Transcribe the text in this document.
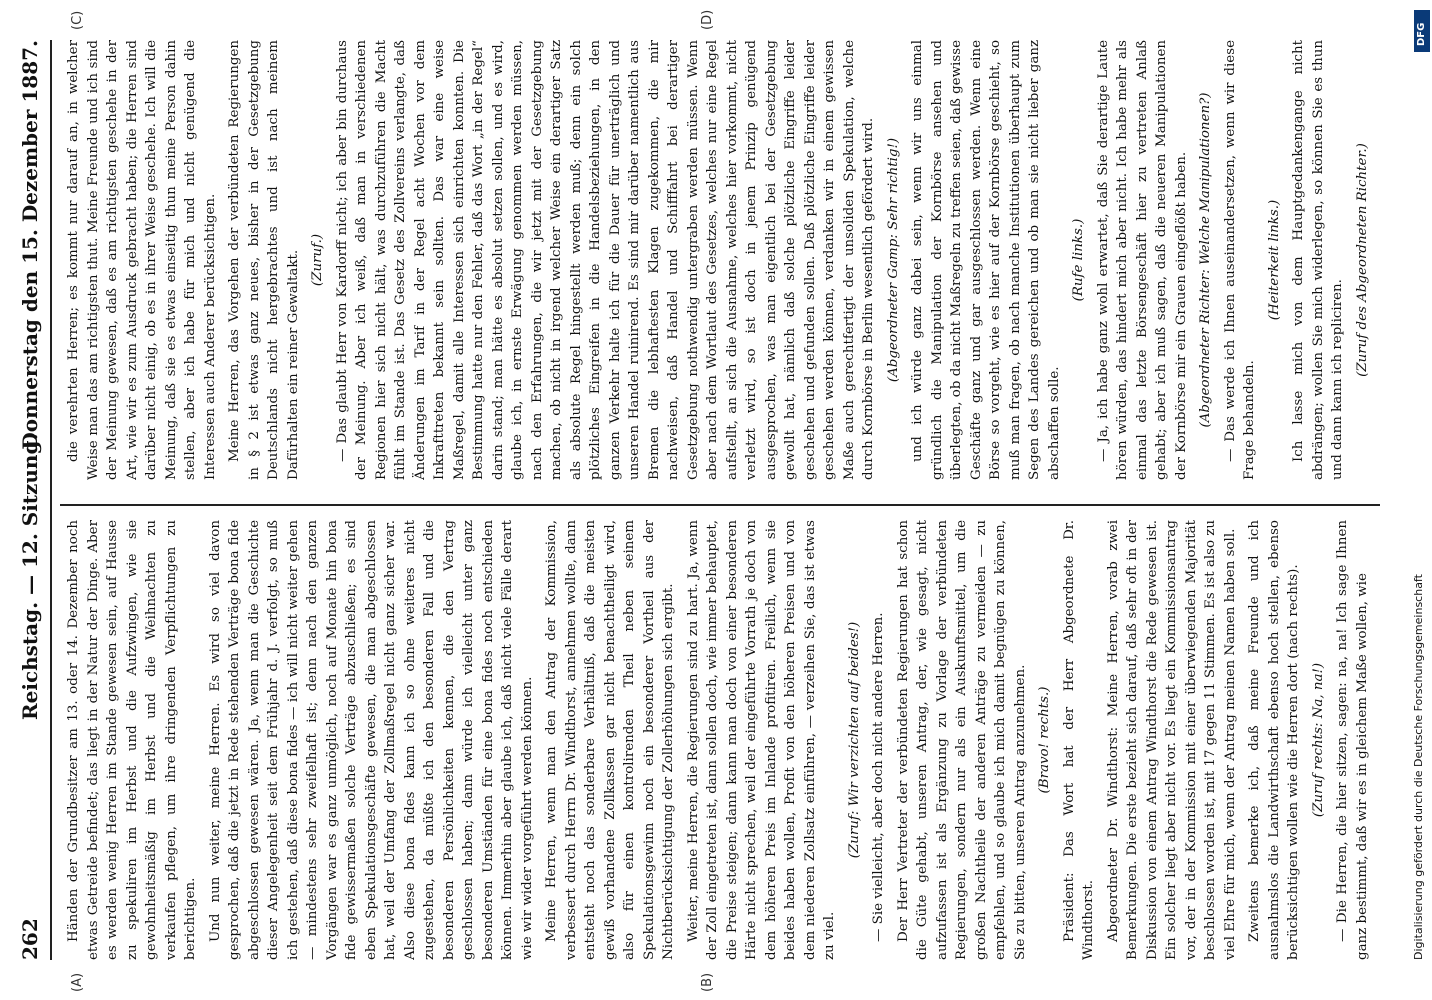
262
Reichstag. — 12. Sitzung.
Donnerstag den 15. Dezember 1887.
(A)	(B)
(C)	(D)

Händen der Grundbesitzer am 13. oder 14. Dezember noch etwas Getreide befindet; das liegt in der Natur der Dinge. Aber es werden wenig Herren im Stande gewesen sein, auf Hausse zu spekuliren im Herbst und die Aufzwingen, wie sie gewohnheitsmäßig im Herbst und die Weihnachten zu verkaufen pflegen, um ihre dringenden Verpflichtungen zu berichtigen. Und nun weiter, meine Herren. Es wird so viel davon gesprochen, daß die jetzt in Rede stehenden Verträge bona fide abgeschlossen gewesen wären. Ja, wenn man die Geschichte dieser Angelegenheit seit dem Frühjahr d. J. verfolgt, so muß ich gestehen, daß diese bona fides — ich will nicht weiter gehen — mindestens sehr zweifelhaft ist; denn nach den ganzen Vorgängen war es ganz unmöglich, noch auf Monate hin bona fide gewissermaßen solche Verträge abzuschließen; es sind eben Spekulationsgeschäfte gewesen, die man abgeschlossen hat, weil der Umfang der Zollmaßregel nicht ganz sicher war. Also diese bona fides kann ich so ohne weiteres nicht zugestehen, da müßte ich den besonderen Fall und die besonderen Persönlichkeiten kennen, die den Vertrag geschlossen haben; dann würde ich vielleicht unter ganz besonderen Umständen für eine bona fides noch entschieden können. Immerhin aber glaube ich, daß nicht viele Fälle derart wie wir wider vorgeführt werden können. Meine Herren, wenn man den Antrag der Kommission, verbessert durch Herrn Dr. Windthorst, annehmen wollte, dann entsteht noch das sonderbare Verhältniß, daß die meisten gewiß vorhandene Zollkassen gar nicht benachtheiligt wird, also für einen kontrolirenden Theil neben seinem Spekulationsgewinn noch ein besonderer Vortheil aus der Nichtberücksichtigung der Zollerhöhungen sich ergibt. Weiter, meine Herren, die Regierungen sind zu hart. Ja, wenn der Zoll eingetreten ist, dann sollen doch, wie immer behauptet, die Preise steigen; dann kann man doch von einer besonderen Härte nicht sprechen, weil der eingeführte Vorrath je doch von dem höheren Preis im Inlande profitiren. Freilich, wenn sie beides haben wollen, Profit von den höheren Preisen und von dem niederen Zollsatz einführen, — verzeihen Sie, das ist etwas zu viel.

(Zuruf: Wir verzichten auf beides!) — Sie vielleicht, aber doch nicht andere Herren. Der Herr Vertreter der verbündeten Regierungen hat schon die Güte gehabt, unseren Antrag, der, wie gesagt, nicht aufzufassen ist als Ergänzung zu Vorlage der verbündeten Regierungen, sondern nur als ein Auskunftsmittel, um die großen Nachtheile der anderen Anträge zu vermeiden — zu empfehlen, und so glaube ich mich damit begnügen zu können, Sie zu bitten, unseren Antrag anzunehmen. (Bravo! rechts.) Präsident: Das Wort hat der Herr Abgeordnete Dr. Windthorst. Abgeordneter Dr. Windthorst: Meine Herren, vorab zwei Bemerkungen. Die erste bezieht sich darauf, daß sehr oft in der Diskussion von einem Antrag Windthorst die Rede gewesen ist. Ein solcher liegt aber nicht vor. Es liegt ein Kommissionsantrag vor, der in der Kommission mit einer überwiegenden Majorität beschlossen worden ist, mit 17 gegen 11 Stimmen. Es ist also zu viel Ehre für mich, wenn der Antrag meinen Namen haben soll. Zweitens bemerke ich, daß meine Freunde und ich ausnahmslos die Landwirthschaft ebenso hoch stellen, ebenso berücksichtigen wollen wie die Herren dort (nach rechts). (Zuruf rechts: Na, na!) — Die Herren, die hier sitzen, sagen: na, na! Ich sage Ihnen ganz bestimmt, daß wir es in gleichem Maße wollen, wie

die verehrten Herren; es kommt nur darauf an, in welcher Weise man das am richtigsten thut. Meine Freunde und ich sind der Meinung gewesen, daß es am richtigsten geschehe in der Art, wie wir es zum Ausdruck gebracht haben; die Herren sind darüber nicht einig, ob es in ihrer Weise geschehe. Ich will die Meinung, daß sie es etwas einseitig thun meine Person dahin stellen, aber ich habe für mich und nicht genügend die Interessen auch Anderer berücksichtigen. Meine Herren, das Vorgehen der verbündeten Regierungen in § 2 ist etwas ganz neues, bisher in der Gesetzgebung Deutschlands nicht hergebrachtes und ist nach meinem Dafürhalten ein reiner Gewaltakt. (Zuruf.) — Das glaubt Herr von Kardorff nicht; ich aber bin durchaus der Meinung. Aber ich weiß, daß man in verschiedenen Regionen hier sich nicht hält, was durchzuführen die Macht fühlt im Stande ist. Das Gesetz des Zollvereins verlangte, daß Änderungen im Tarif in der Regel acht Wochen vor dem Inkrafttreten bekannt sein sollten. Das war eine weise Maßregel, damit alle Interessen sich einrichten konnten. Die Bestimmung hatte nur den Fehler, daß das Wort „in der Regel“ darin stand; man hätte es absolut setzen sollen, und es wird, glaube ich, in ernste Erwägung genommen werden müssen, nach den Erfahrungen, die wir jetzt mit der Gesetzgebung machen, ob nicht in irgend welcher Weise ein derartiger Satz als absolute Regel hingestellt werden muß; denn ein solch plötzliches Eingreifen in die Handelsbeziehungen, in den ganzen Verkehr halte ich für die Dauer für unerträglich und unseren Handel ruinirend. Es sind mir darüber namentlich aus Bremen die lebhaftesten Klagen zugekommen, die mir nachweisen, daß Handel und Schifffahrt bei derartiger Gesetzgebung nothwendig untergraben werden müssen. Wenn aber nach dem Wortlaut des Gesetzes, welches nur eine Regel aufstellt, an sich die Ausnahme, welches hier vorkommt, nicht verletzt wird, so ist doch in jenem Prinzip genügend ausgesprochen, was man eigentlich bei der Gesetzgebung gewollt hat, nämlich daß solche plötzliche Eingriffe leider geschehen und gefunden sollen. Daß plötzliche Eingriffe leider geschehen werden können, verdanken wir in einem gewissen Maße auch gerechtfertigt der unsoliden Spekulation, welche durch Kornbörse in Berlin wesentlich gefördert wird. (Abgeordneter Gamp: Sehr richtig!) und ich würde ganz dabei sein, wenn wir uns einmal gründlich die Manipulation der Kornbörse ansehen und überlegten, ob da nicht Maßregeln zu treffen seien, daß gewisse Geschäfte ganz und gar ausgeschlossen werden. Wenn eine Börse so vorgeht, wie es hier auf der Kornbörse geschieht, so muß man fragen, ob nach manche Institutionen überhaupt zum Segen des Landes gereichen und ob man sie nicht lieber ganz abschaffen solle.

(Rufe links.) — Ja, ich habe ganz wohl erwartet, daß Sie derartige Laute hören würden, das hindert mich aber nicht. Ich habe mehr als einmal das letzte Börsengeschäft hier zu vertreten Anlaß gehabt; aber ich muß sagen, daß die neueren Manipulationen der Kornbörse mir ein Grauen eingeflößt haben. (Abgeordneter Richter: Welche Manipulationen?) — Das werde ich Ihnen auseinandersetzen, wenn wir diese Frage behandeln.

(Heiterkeit links.) Ich lasse mich von dem Hauptgedankengange nicht abdrängen; wollen Sie mich widerlegen, so können Sie es thun und dann kann ich repliciren.

(Zuruf des Abgeordneten Richter.)

DFG
Digitalisierung gefördert durch die Deutsche Forschungsgemeinschaft
